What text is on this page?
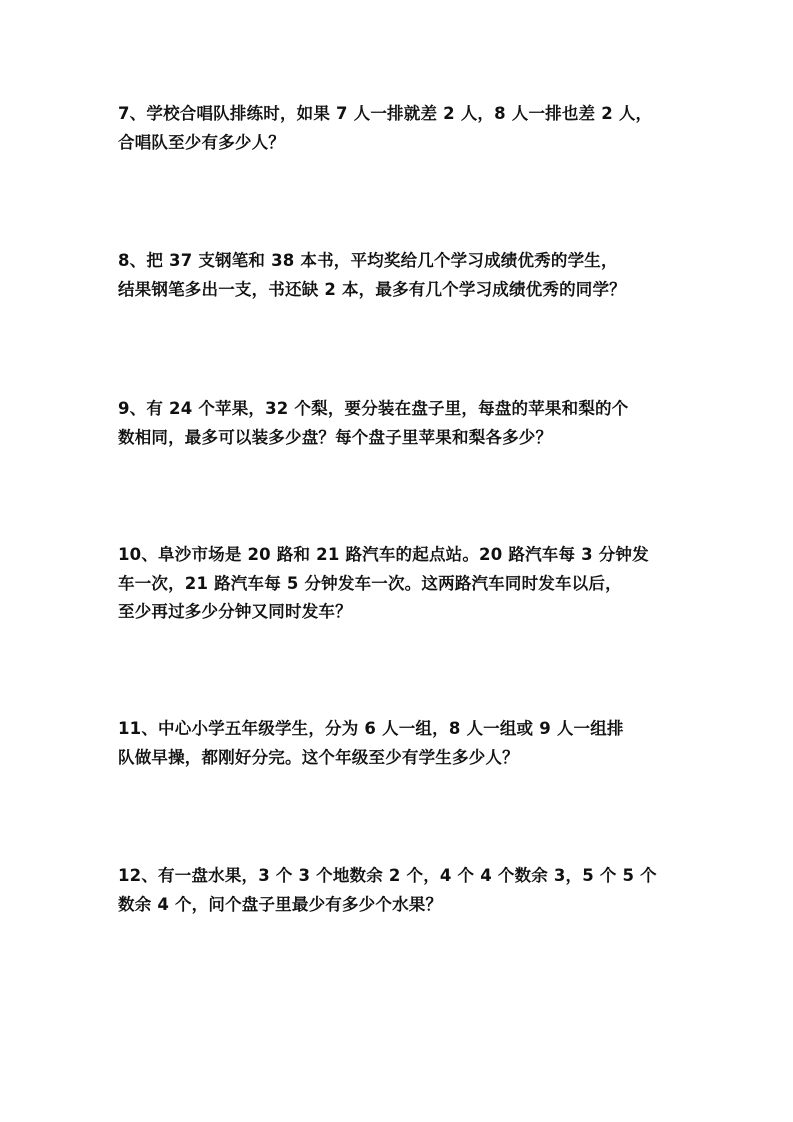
7、学校合唱队排练时，如果 7 人一排就差 2 人，8 人一排也差 2 人，
合唱队至少有多少人？
8、把 37 支钢笔和 38 本书，平均奖给几个学习成绩优秀的学生，
结果钢笔多出一支，书还缺 2 本，最多有几个学习成绩优秀的同学？
9、有 24 个苹果，32 个梨，要分装在盘子里，每盘的苹果和梨的个
数相同，最多可以装多少盘？每个盘子里苹果和梨各多少？
10、阜沙市场是 20 路和 21 路汽车的起点站。20 路汽车每 3 分钟发
车一次，21 路汽车每 5 分钟发车一次。这两路汽车同时发车以后，
至少再过多少分钟又同时发车？
11、中心小学五年级学生，分为 6 人一组，8 人一组或 9 人一组排
队做早操，都刚好分完。这个年级至少有学生多少人？
12、有一盘水果，3 个 3 个地数余 2 个，4 个 4 个数余 3，5 个 5 个
数余 4 个，问个盘子里最少有多少个水果？
